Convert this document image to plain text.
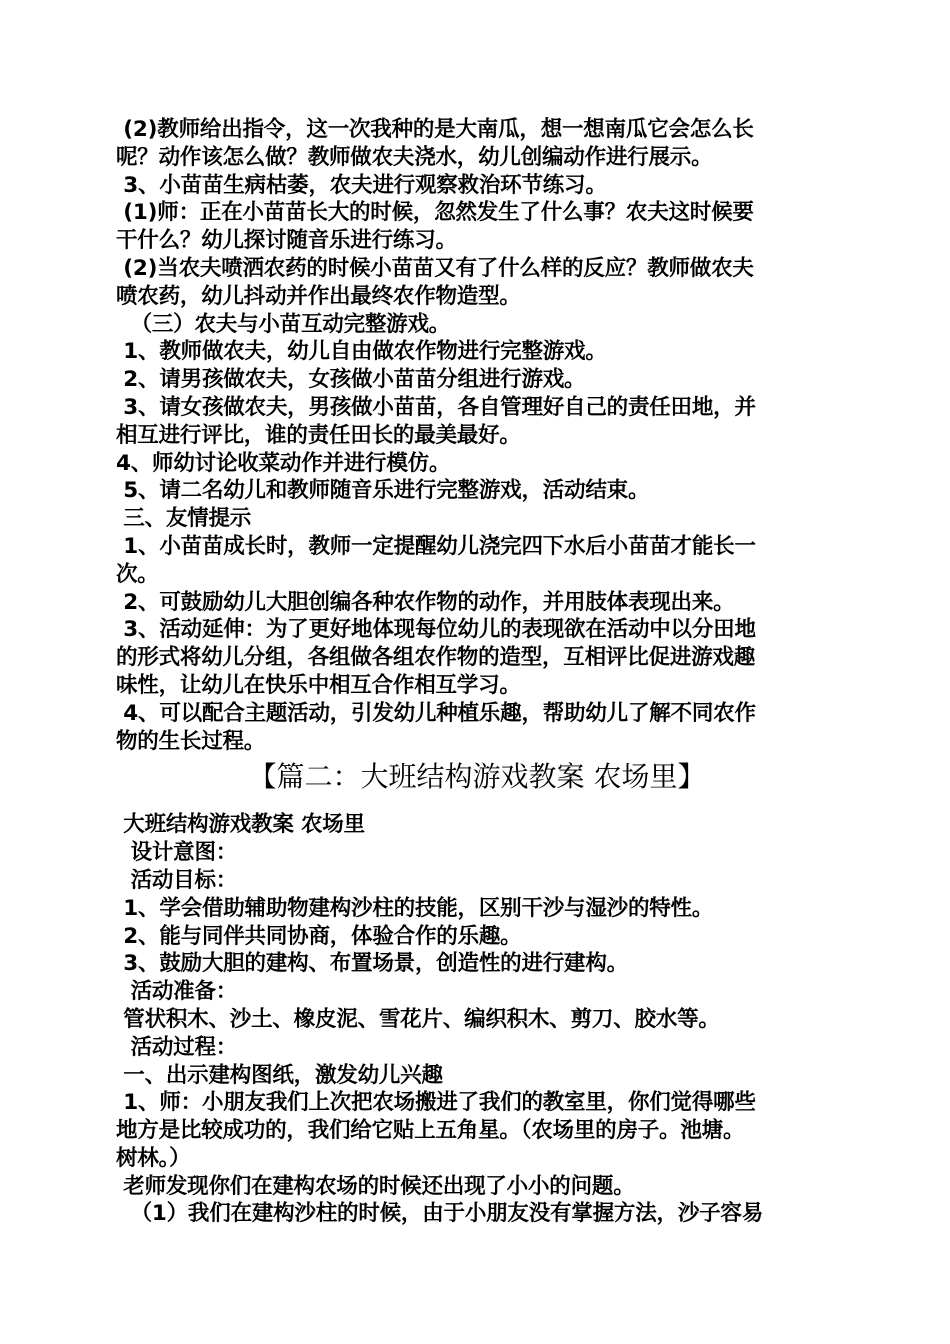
(2)教师给出指令，这一次我种的是大南瓜，想一想南瓜它会怎么长
呢？动作该怎么做？教师做农夫浇水，幼儿创编动作进行展示。
3、小苗苗生病枯萎，农夫进行观察救治环节练习。
(1)师：正在小苗苗长大的时候，忽然发生了什么事？农夫这时候要
干什么？幼儿探讨随音乐进行练习。
(2)当农夫喷洒农药的时候小苗苗又有了什么样的反应？教师做农夫
喷农药，幼儿抖动并作出最终农作物造型。
（三）农夫与小苗互动完整游戏。
1、教师做农夫，幼儿自由做农作物进行完整游戏。
2、请男孩做农夫，女孩做小苗苗分组进行游戏。
3、请女孩做农夫，男孩做小苗苗，各自管理好自己的责任田地，并
相互进行评比，谁的责任田长的最美最好。
4、师幼讨论收菜动作并进行模仿。
5、请二名幼儿和教师随音乐进行完整游戏，活动结束。
三、友情提示
1、小苗苗成长时，教师一定提醒幼儿浇完四下水后小苗苗才能长一
次。
2、可鼓励幼儿大胆创编各种农作物的动作，并用肢体表现出来。
3、活动延伸：为了更好地体现每位幼儿的表现欲在活动中以分田地
的形式将幼儿分组，各组做各组农作物的造型，互相评比促进游戏趣
味性，让幼儿在快乐中相互合作相互学习。
4、可以配合主题活动，引发幼儿种植乐趣，帮助幼儿了解不同农作
物的生长过程。
【篇二：大班结构游戏教案 农场里】
大班结构游戏教案 农场里
设计意图：
活动目标：
1、学会借助辅助物建构沙柱的技能，区别干沙与湿沙的特性。
2、能与同伴共同协商，体验合作的乐趣。
3、鼓励大胆的建构、布置场景，创造性的进行建构。
活动准备：
管状积木、沙土、橡皮泥、雪花片、编织积木、剪刀、胶水等。
活动过程：
一、出示建构图纸，激发幼儿兴趣
1、师：小朋友我们上次把农场搬进了我们的教室里，你们觉得哪些
地方是比较成功的，我们给它贴上五角星。（农场里的房子。池塘。
树林。）
老师发现你们在建构农场的时候还出现了小小的问题。
（1）我们在建构沙柱的时候，由于小朋友没有掌握方法，沙子容易
